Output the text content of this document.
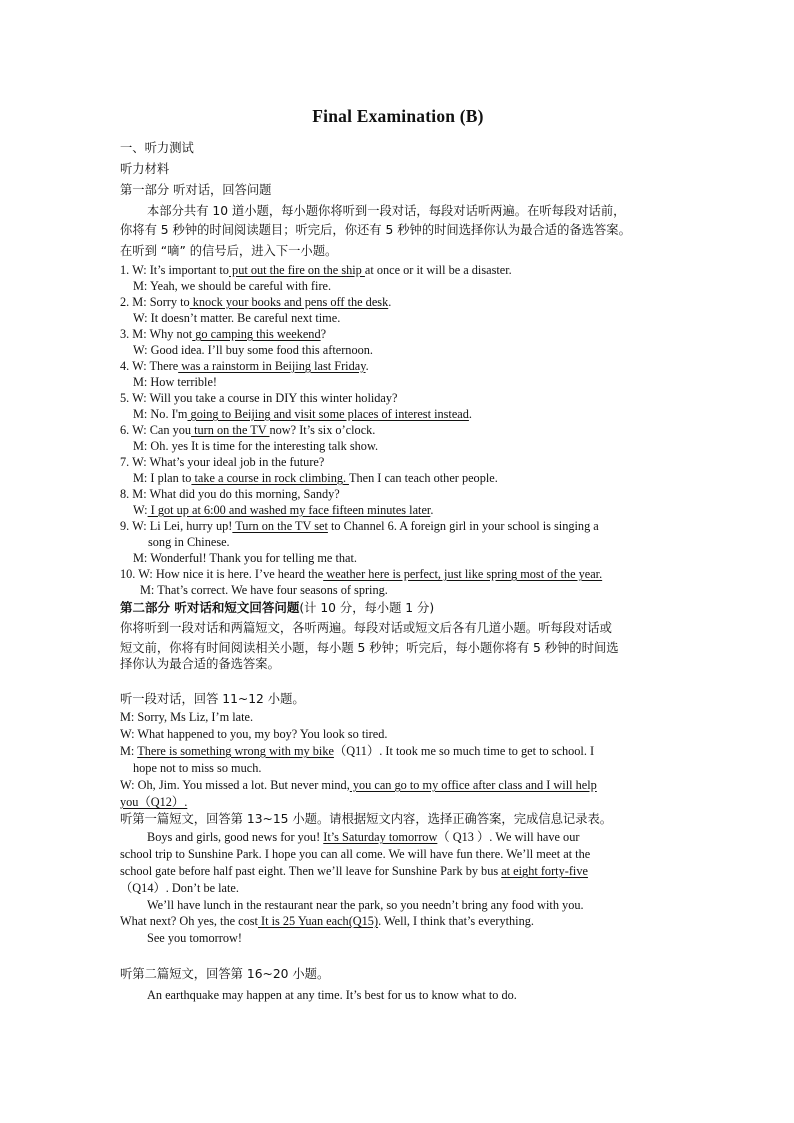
Final Examination (B)
一、听力测试
听力材料
第一部分 听对话，回答问题
本部分共有 10 道小题，每小题你将听到一段对话，每段对话听两遍。在听每段对话前，
你将有 5 秒钟的时间阅读题目；听完后，你还有 5 秒钟的时间选择你认为最合适的备选答案。
在听到 “嘀” 的信号后，进入下一小题。
1. W: It’s important to put out the fire on the ship at once or it will be a disaster.
M: Yeah, we should be careful with fire.
2. M: Sorry to knock your books and pens off the desk.
W: It doesn’t matter. Be careful next time.
3. M: Why not go camping this weekend?
W: Good idea. I’ll buy some food this afternoon.
4. W: There was a rainstorm in Beijing last Friday.
M: How terrible!
5. W: Will you take a course in DIY this winter holiday?
M: No. I'm going to Beijing and visit some places of interest instead.
6. W: Can you turn on the TV now? It’s six o’clock.
M: Oh. yes It is time for the interesting talk show.
7. W: What’s your ideal job in the future?
M: I plan to take a course in rock climbing. Then I can teach other people.
8. M: What did you do this morning, Sandy?
W: I got up at 6:00 and washed my face fifteen minutes later.
9. W: Li Lei, hurry up! Turn on the TV set to Channel 6. A foreign girl in your school is singing a
song in Chinese.
M: Wonderful! Thank you for telling me that.
10. W: How nice it is here. I’ve heard the weather here is perfect, just like spring most of the year.
M: That’s correct. We have four seasons of spring.
第二部分 听对话和短文回答问题(计 10 分，每小题 1 分)
你将听到一段对话和两篇短文，各听两遍。每段对话或短文后各有几道小题。听每段对话或
短文前，你将有时间阅读相关小题，每小题 5 秒钟；听完后，每小题你将有 5 秒钟的时间选
择你认为最合适的备选答案。
听一段对话，回答 11~12 小题。
M: Sorry, Ms Liz, I’m late.
W: What happened to you, my boy? You look so tired.
M: There is something wrong with my bike（Q11）. It took me so much time to get to school. I
hope not to miss so much.
W: Oh, Jim. You missed a lot. But never mind, you can go to my office after class and I will help
you（Q12）.
听第一篇短文，回答第 13~15 小题。请根据短文内容，选择正确答案，完成信息记录表。
Boys and girls, good news for you! It’s Saturday tomorrow（ Q13 ）. We will have our
school trip to Sunshine Park. I hope you can all come. We will have fun there. We’ll meet at the
school gate before half past eight. Then we’ll leave for Sunshine Park by bus at eight forty-five
（Q14）. Don’t be late.
We’ll have lunch in the restaurant near the park, so you needn’t bring any food with you.
What next? Oh yes, the cost It is 25 Yuan each(Q15). Well, I think that’s everything.
See you tomorrow!
听第二篇短文，回答第 16~20 小题。
An earthquake may happen at any time. It’s best for us to know what to do.
